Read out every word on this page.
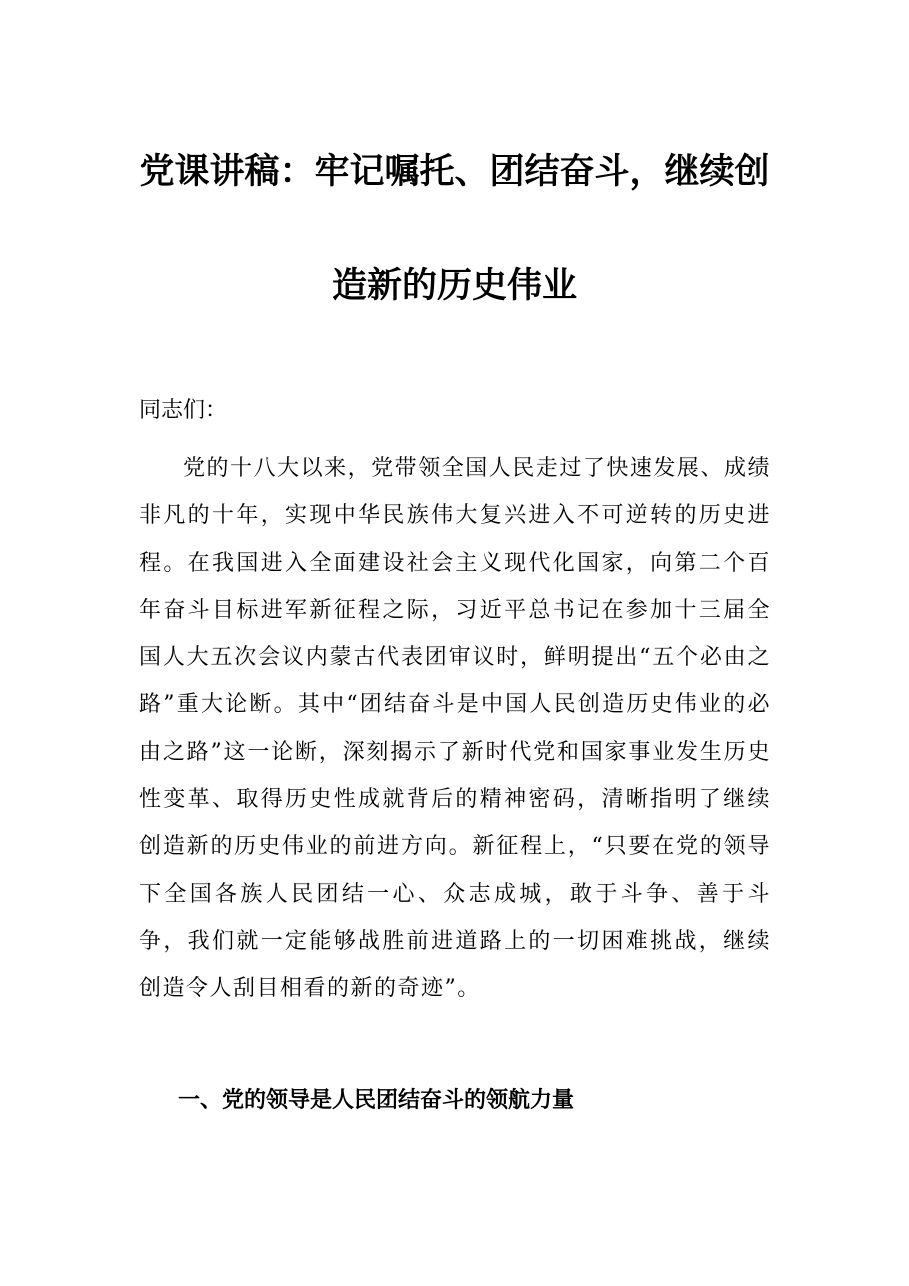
党课讲稿：牢记嘱托、团结奋斗，继续创
造新的历史伟业

同志们：

党的十八大以来，党带领全国人民走过了快速发展、成绩非凡的十年，实现中华民族伟大复兴进入不可逆转的历史进程。在我国进入全面建设社会主义现代化国家，向第二个百年奋斗目标进军新征程之际，习近平总书记在参加十三届全国人大五次会议内蒙古代表团审议时，鲜明提出“五个必由之路”重大论断。其中“团结奋斗是中国人民创造历史伟业的必由之路”这一论断，深刻揭示了新时代党和国家事业发生历史性变革、取得历史性成就背后的精神密码，清晰指明了继续创造新的历史伟业的前进方向。新征程上，“只要在党的领导下全国各族人民团结一心、众志成城，敢于斗争、善于斗争，我们就一定能够战胜前进道路上的一切困难挑战，继续创造令人刮目相看的新的奇迹”。

一、党的领导是人民团结奋斗的领航力量
